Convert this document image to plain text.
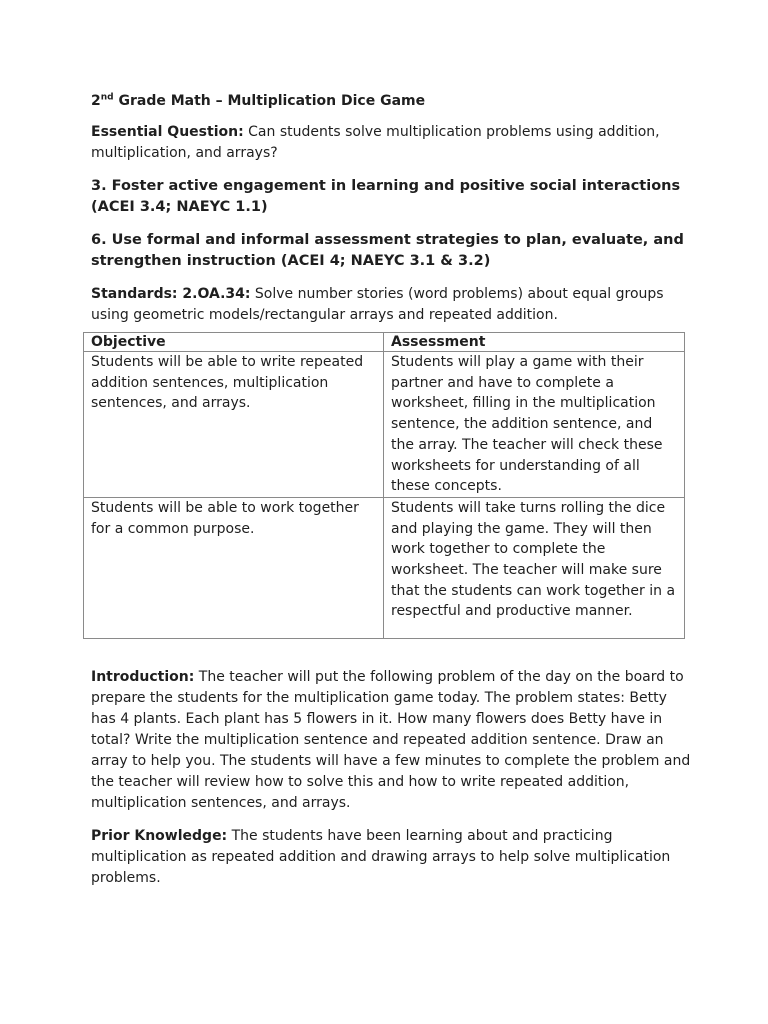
2nd Grade Math – Multiplication Dice Game

Essential Question: Can students solve multiplication problems using addition, multiplication, and arrays?

3. Foster active engagement in learning and positive social interactions (ACEI 3.4; NAEYC 1.1)

6. Use formal and informal assessment strategies to plan, evaluate, and strengthen instruction (ACEI 4; NAEYC 3.1 & 3.2)

Standards: 2.OA.34: Solve number stories (word problems) about equal groups using geometric models/rectangular arrays and repeated addition.

Objective	Assessment
Students will be able to write repeated addition sentences, multiplication sentences, and arrays.	Students will play a game with their partner and have to complete a worksheet, filling in the multiplication sentence, the addition sentence, and the array. The teacher will check these worksheets for understanding of all these concepts.
Students will be able to work together for a common purpose.	Students will take turns rolling the dice and playing the game. They will then work together to complete the worksheet. The teacher will make sure that the students can work together in a respectful and productive manner.

Introduction: The teacher will put the following problem of the day on the board to prepare the students for the multiplication game today. The problem states: Betty has 4 plants. Each plant has 5 flowers in it. How many flowers does Betty have in total? Write the multiplication sentence and repeated addition sentence. Draw an array to help you. The students will have a few minutes to complete the problem and the teacher will review how to solve this and how to write repeated addition, multiplication sentences, and arrays.

Prior Knowledge: The students have been learning about and practicing multiplication as repeated addition and drawing arrays to help solve multiplication problems.
